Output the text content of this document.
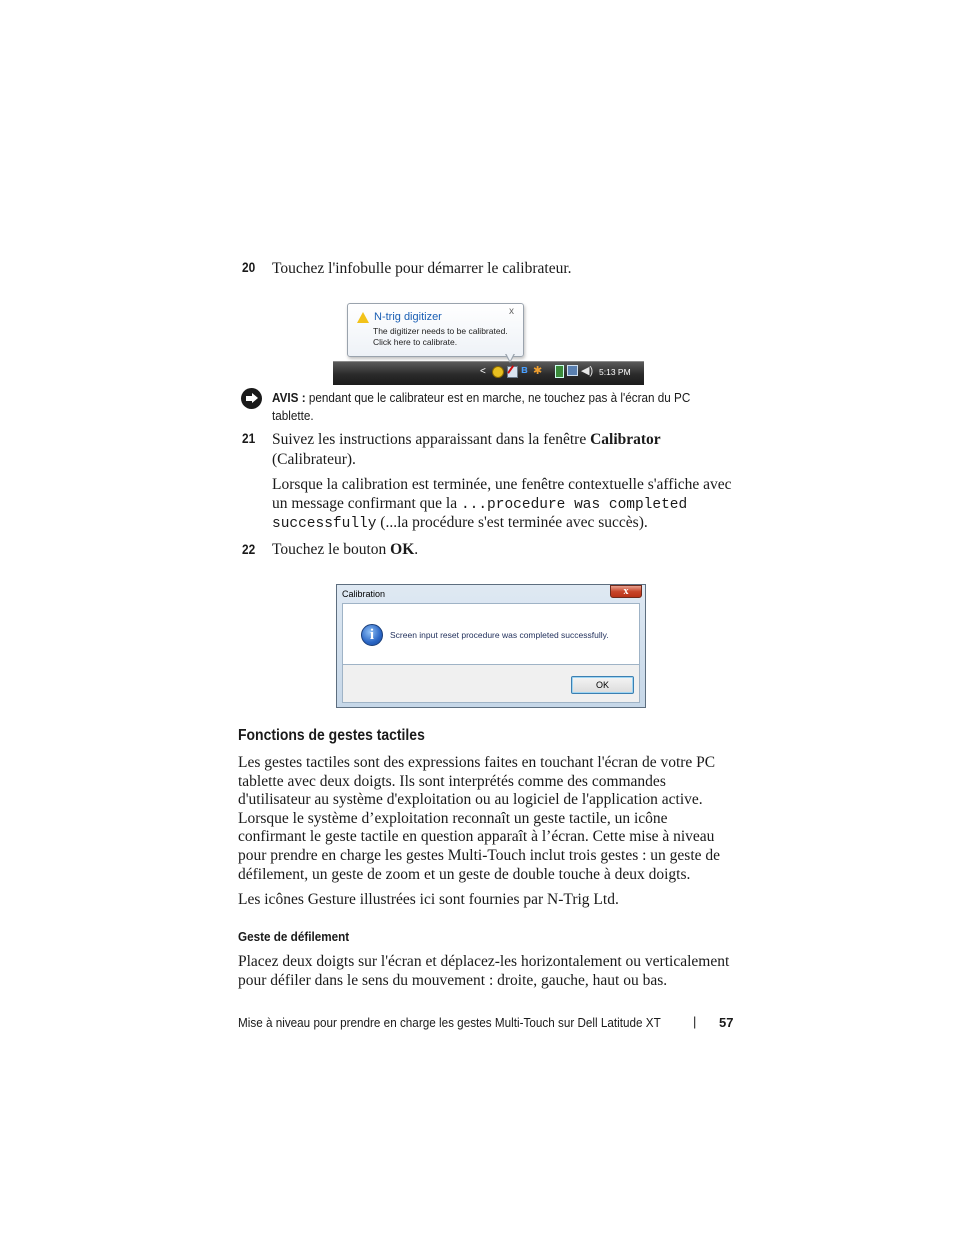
20 Touchez l'infobulle pour démarrer le calibrateur.
<	ʙ ✱	◀) 5:13 PM
N-trig digitizer
The digitizer needs to be calibrated.
Click here to calibrate.
x
AVIS : pendant que le calibrateur est en marche, ne touchez pas à l'écran du PC
tablette.
21 Suivez les instructions apparaissant dans la fenêtre Calibrator
(Calibrateur).
Lorsque la calibration est terminée, une fenêtre contextuelle s'affiche avec
un message confirmant que la ...procedure was completed
successfully (...la procédure s'est terminée avec succès).
22 Touchez le bouton OK.
Calibration	x
i	Screen input reset procedure was completed successfully.
OK
Fonctions de gestes tactiles
Les gestes tactiles sont des expressions faites en touchant l'écran de votre PC
tablette avec deux doigts. Ils sont interprétés comme des commandes
d'utilisateur au système d'exploitation ou au logiciel de l'application active.
Lorsque le système d’exploitation reconnaît un geste tactile, un icône
confirmant le geste tactile en question apparaît à l’écran. Cette mise à niveau
pour prendre en charge les gestes Multi-Touch inclut trois gestes : un geste de
défilement, un geste de zoom et un geste de double touche à deux doigts.
Les icônes Gesture illustrées ici sont fournies par N-Trig Ltd.
Geste de défilement
Placez deux doigts sur l'écran et déplacez-les horizontalement ou verticalement
pour défiler dans le sens du mouvement : droite, gauche, haut ou bas.
Mise à niveau pour prendre en charge les gestes Multi-Touch sur Dell Latitude XT | 57
